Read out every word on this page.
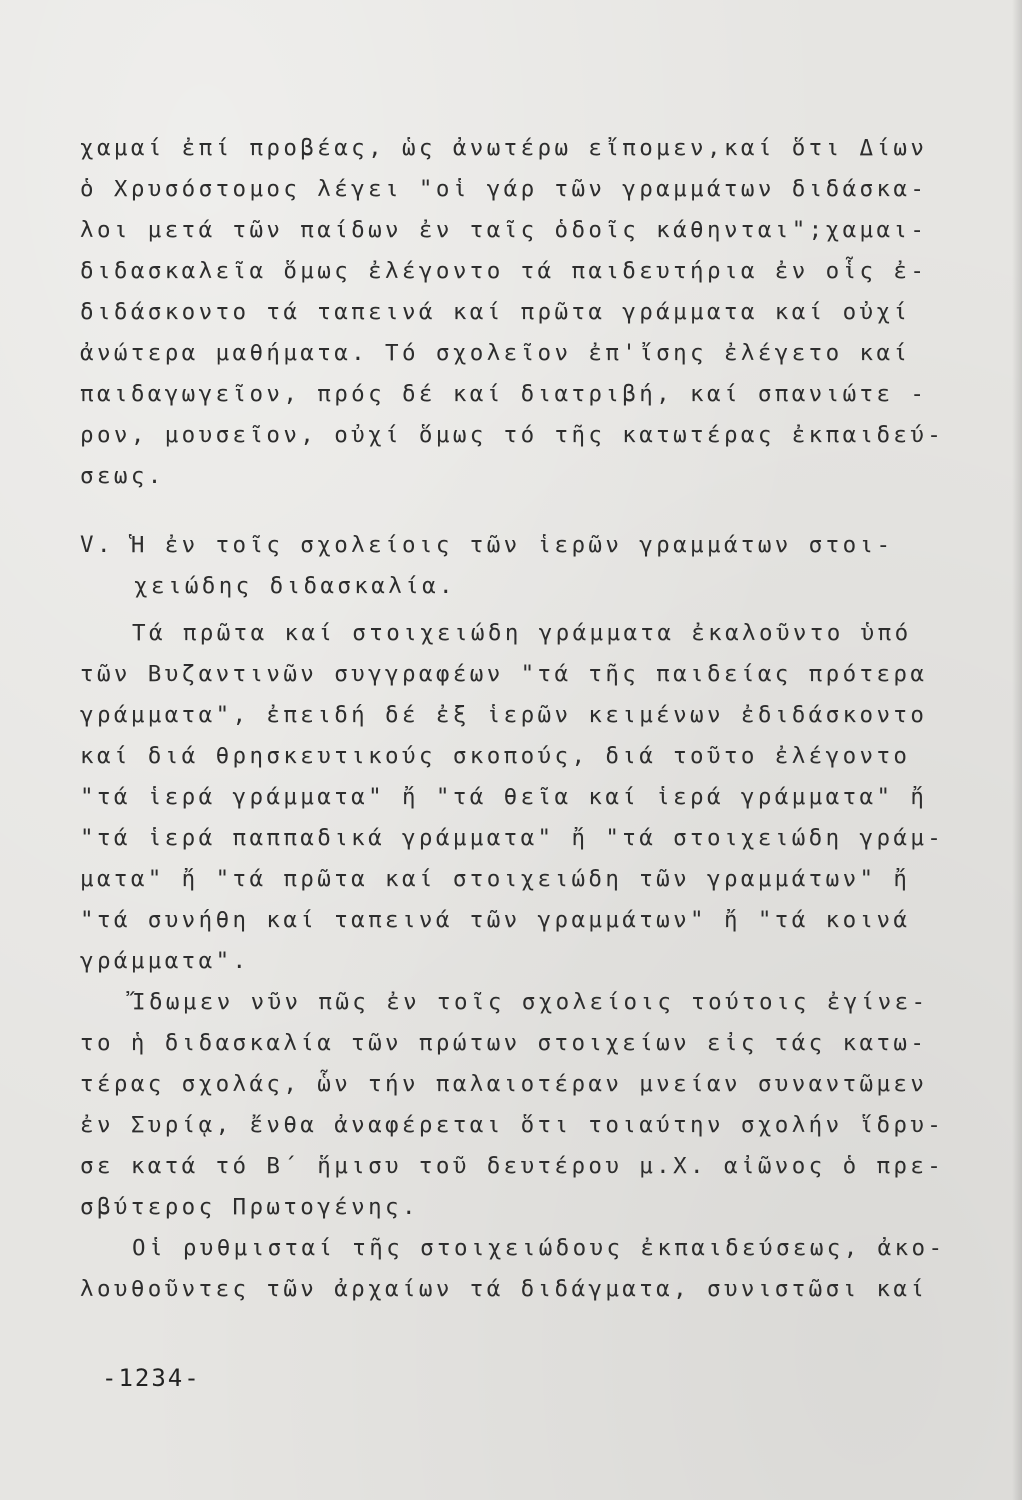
χαμαί ἐπί προβέας, ὡς ἀνωτέρω εἴπομεν,καί ὅτι Δίων
ὁ Χρυσόστομος λέγει "οἱ γάρ τῶν γραμμάτων διδάσκα-
λοι μετά τῶν παίδων ἐν ταῖς ὁδοῖς κάθηνται";χαμαι-
διδασκαλεῖα ὅμως ἐλέγοντο τά παιδευτήρια ἐν οἷς ἐ-
διδάσκοντο τά ταπεινά καί πρῶτα γράμματα καί οὐχί
ἀνώτερα μαθήματα. Τό σχολεῖον ἐπ'ἴσης ἐλέγετο καί
παιδαγωγεῖον, πρός δέ καί διατριβή, καί σπανιώτε -
ρον, μουσεῖον, οὐχί ὅμως τό τῆς κατωτέρας ἐκπαιδεύ-
σεως.
V. Ἡ ἐν τοῖς σχολείοις τῶν ἱερῶν γραμμάτων στοι-
χειώδης διδασκαλία.
Τά πρῶτα καί στοιχειώδη γράμματα ἐκαλοῦντο ὑπό
τῶν Βυζαντινῶν συγγραφέων "τά τῆς παιδείας πρότερα
γράμματα", ἐπειδή δέ ἐξ ἱερῶν κειμένων ἐδιδάσκοντο
καί διά θρησκευτικούς σκοπούς, διά τοῦτο ἐλέγοντο
"τά ἱερά γράμματα" ἤ "τά θεῖα καί ἱερά γράμματα" ἤ
"τά ἱερά παππαδικά γράμματα" ἤ "τά στοιχειώδη γράμ-
ματα" ἤ "τά πρῶτα καί στοιχειώδη τῶν γραμμάτων" ἤ
"τά συνήθη καί ταπεινά τῶν γραμμάτων" ἤ "τά κοινά
γράμματα".
Ἴδωμεν νῦν πῶς ἐν τοῖς σχολείοις τούτοις ἐγίνε-
το ἡ διδασκαλία τῶν πρώτων στοιχείων εἰς τάς κατω-
τέρας σχολάς, ὧν τήν παλαιοτέραν μνείαν συναντῶμεν
ἐν Συρίᾳ, ἔνθα ἀναφέρεται ὅτι τοιαύτην σχολήν ἵδρυ-
σε κατά τό Β΄ ἥμισυ τοῦ δευτέρου μ.Χ. αἰῶνος ὁ πρε-
σβύτερος Πρωτογένης.
Οἱ ρυθμισταί τῆς στοιχειώδους ἐκπαιδεύσεως, ἀκο-
λουθοῦντες τῶν ἀρχαίων τά διδάγματα, συνιστῶσι καί
-1234-
